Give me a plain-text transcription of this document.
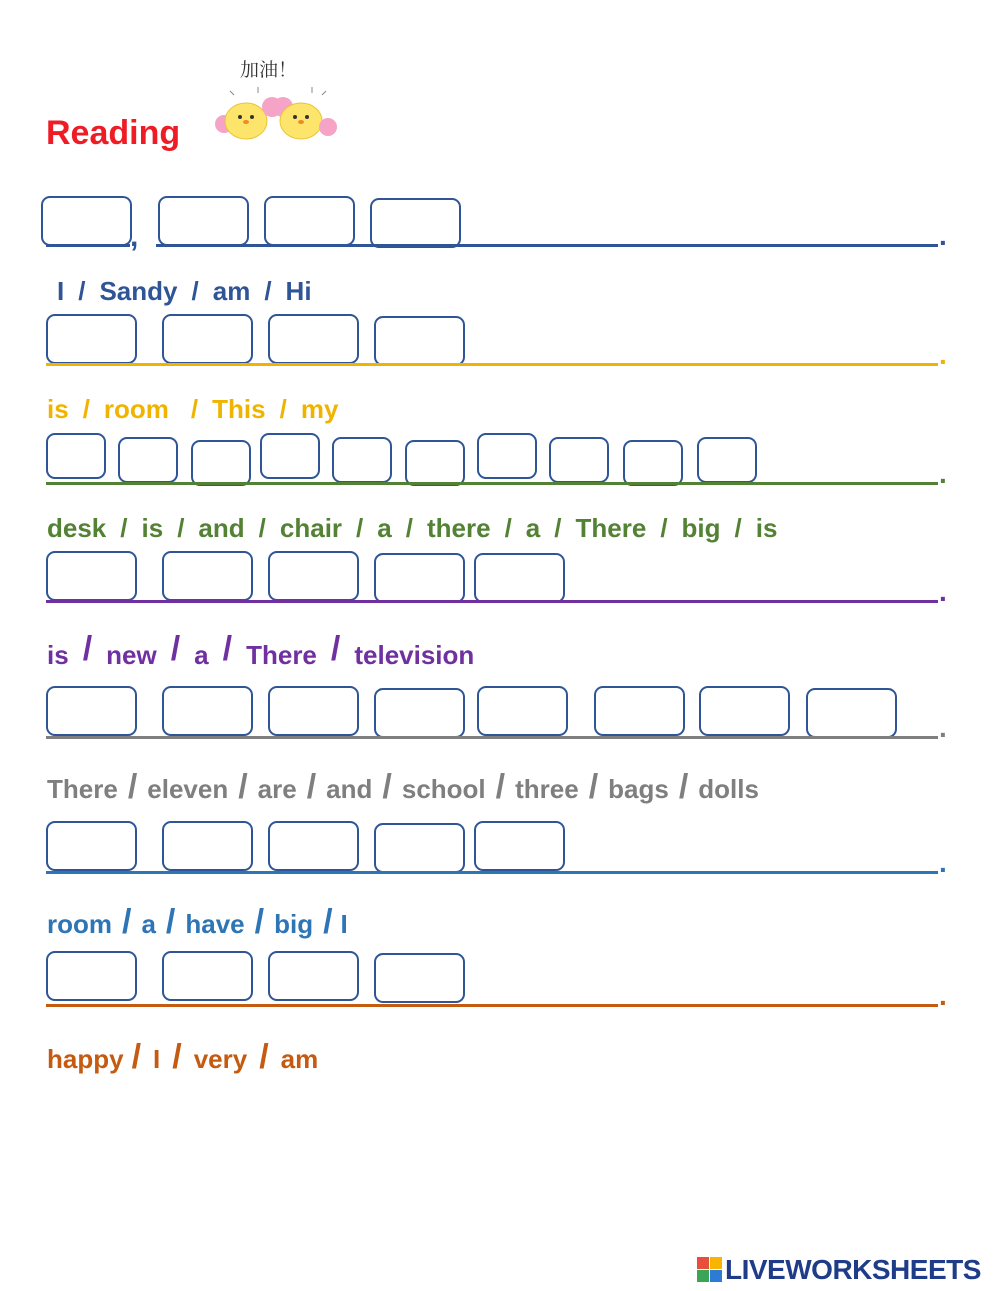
Reading
加油！
,	.
I / Sandy / am / Hi
.
is / room / This / my
.
desk / is / and / chair / a / there / a / There / big / is
.
is / new / a / There / television
.
There / eleven / are / and / school / three / bags / dolls
.
room / a / have / big / I
.
happy / I / very / am
LIVEWORKSHEETS
